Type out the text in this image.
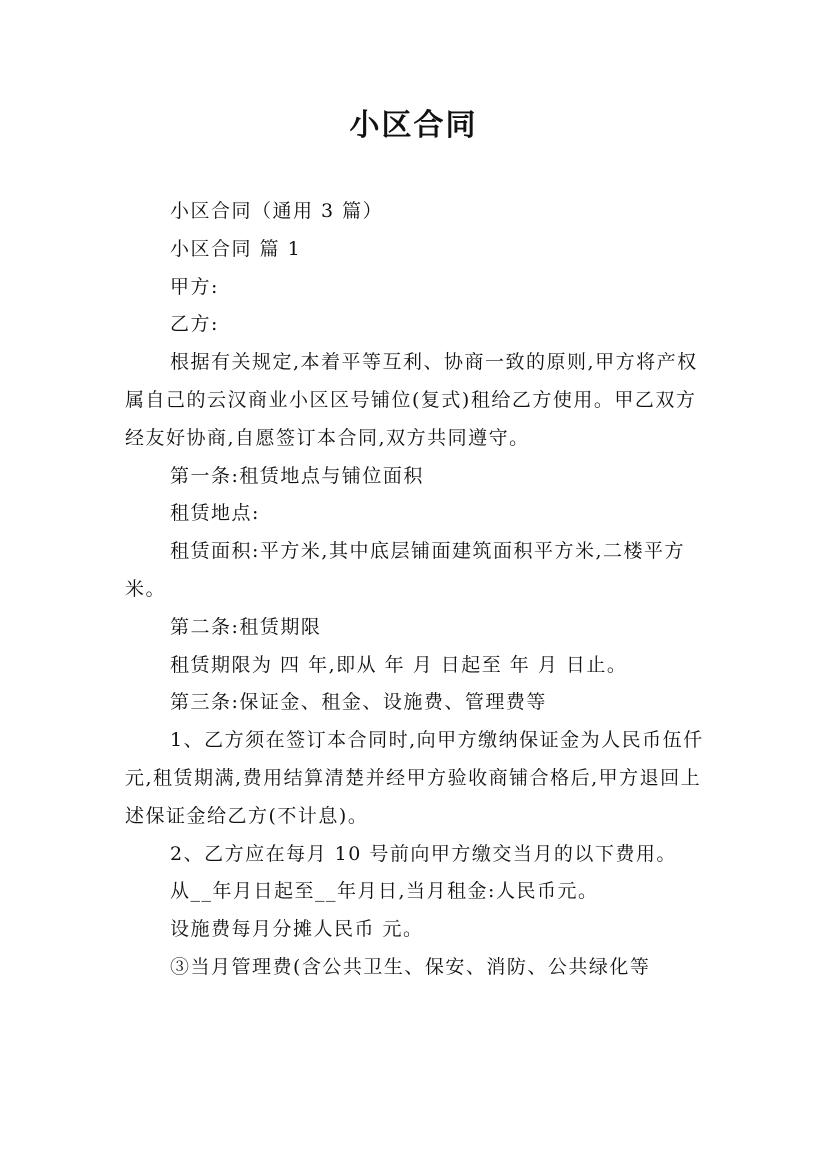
小区合同

小区合同（通用 3 篇）

小区合同 篇 1

甲方:

乙方:

根据有关规定,本着平等互利、协商一致的原则,甲方将产权属自己的云汉商业小区区号铺位(复式)租给乙方使用。甲乙双方经友好协商,自愿签订本合同,双方共同遵守。

第一条:租赁地点与铺位面积

租赁地点:

租赁面积:平方米,其中底层铺面建筑面积平方米,二楼平方米。

第二条:租赁期限

租赁期限为 四 年,即从 年 月 日起至 年 月 日止。

第三条:保证金、租金、设施费、管理费等

1、乙方须在签订本合同时,向甲方缴纳保证金为人民币伍仟 元,租赁期满,费用结算清楚并经甲方验收商铺合格后,甲方退回上述保证金给乙方(不计息)。

2、乙方应在每月 10 号前向甲方缴交当月的以下费用。

从__年月日起至__年月日,当月租金:人民币元。

设施费每月分摊人民币 元。

③当月管理费(含公共卫生、保安、消防、公共绿化等
